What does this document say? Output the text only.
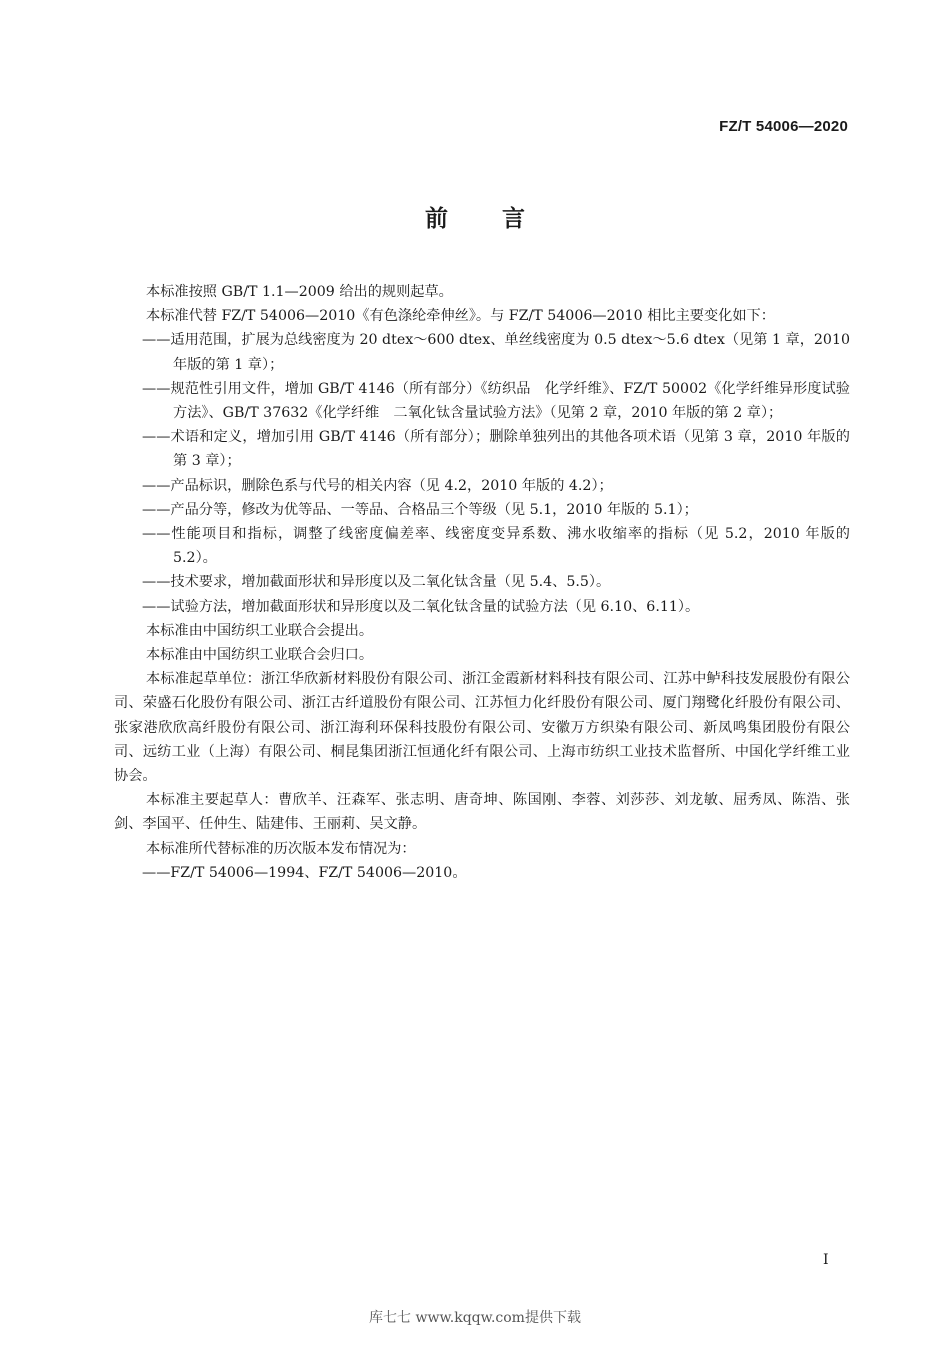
FZ/T 54006—2020
前 言

本标准按照 GB/T 1.1—2009 给出的规则起草。

本标准代替 FZ/T 54006—2010《有色涤纶牵伸丝》。与 FZ/T 54006—2010 相比主要变化如下：

——适用范围，扩展为总线密度为 20 dtex～600 dtex、单丝线密度为 0.5 dtex～5.6 dtex（见第 1 章，2010 年版的第 1 章）；

——规范性引用文件，增加 GB/T 4146（所有部分）《纺织品　化学纤维》、FZ/T 50002《化学纤维异形度试验方法》、GB/T 37632《化学纤维　二氧化钛含量试验方法》（见第 2 章，2010 年版的第 2 章）；

——术语和定义，增加引用 GB/T 4146（所有部分）；删除单独列出的其他各项术语（见第 3 章，2010 年版的第 3 章）；

——产品标识，删除色系与代号的相关内容（见 4.2，2010 年版的 4.2）；

——产品分等，修改为优等品、一等品、合格品三个等级（见 5.1，2010 年版的 5.1）；

——性能项目和指标，调整了线密度偏差率、线密度变异系数、沸水收缩率的指标（见 5.2，2010 年版的 5.2）。

——技术要求，增加截面形状和异形度以及二氧化钛含量（见 5.4、5.5）。

——试验方法，增加截面形状和异形度以及二氧化钛含量的试验方法（见 6.10、6.11）。

本标准由中国纺织工业联合会提出。

本标准由中国纺织工业联合会归口。

本标准起草单位：浙江华欣新材料股份有限公司、浙江金霞新材料科技有限公司、江苏中鲈科技发展股份有限公司、荣盛石化股份有限公司、浙江古纤道股份有限公司、江苏恒力化纤股份有限公司、厦门翔鹭化纤股份有限公司、张家港欣欣高纤股份有限公司、浙江海利环保科技股份有限公司、安徽万方织染有限公司、新凤鸣集团股份有限公司、远纺工业（上海）有限公司、桐昆集团浙江恒通化纤有限公司、上海市纺织工业技术监督所、中国化学纤维工业协会。

本标准主要起草人：曹欣羊、汪森军、张志明、唐奇坤、陈国刚、李蓉、刘莎莎、刘龙敏、屈秀凤、陈浩、张剑、李国平、任仲生、陆建伟、王丽莉、吴文静。

本标准所代替标准的历次版本发布情况为：

——FZ/T 54006—1994、FZ/T 54006—2010。

I
库七七 www.kqqw.com提供下载
